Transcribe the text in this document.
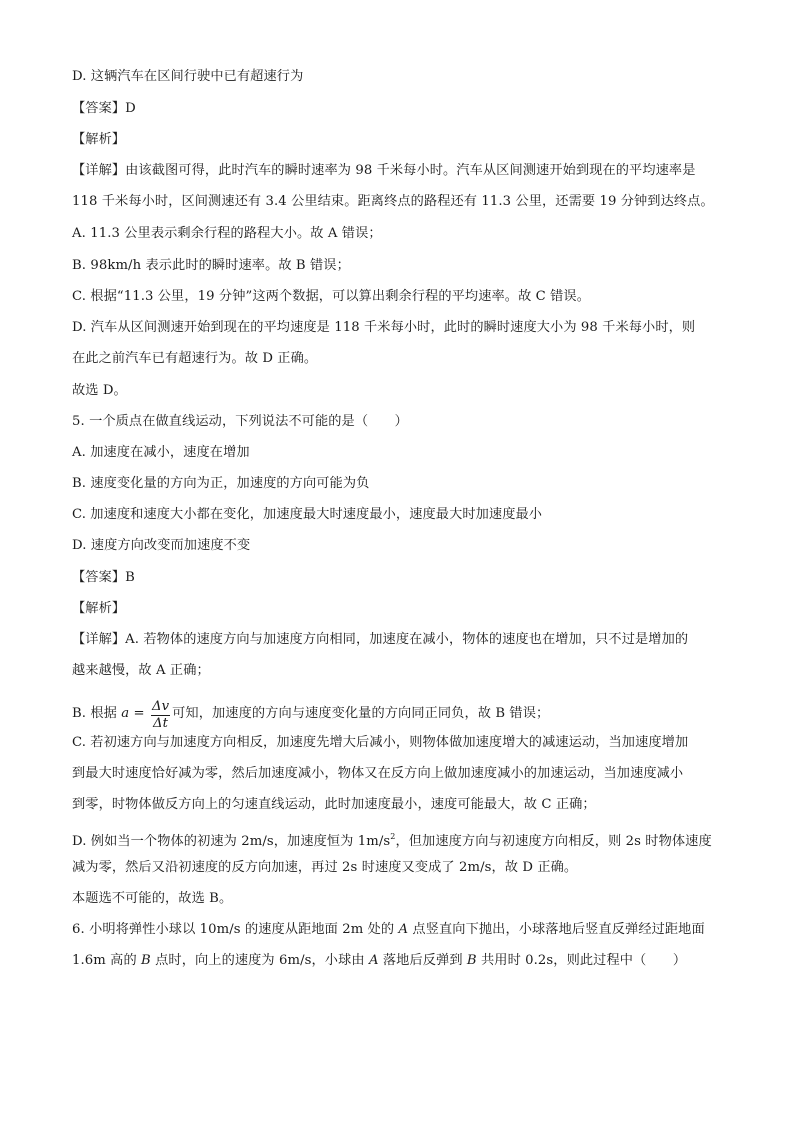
D. 这辆汽车在区间行驶中已有超速行为
【答案】D
【解析】
【详解】由该截图可得，此时汽车的瞬时速率为 98 千米每小时。汽车从区间测速开始到现在的平均速率是
118 千米每小时，区间测速还有 3.4 公里结束。距离终点的路程还有 11.3 公里，还需要 19 分钟到达终点。
A. 11.3 公里表示剩余行程的路程大小。故 A 错误；
B. 98km/h 表示此时的瞬时速率。故 B 错误；
C. 根据“11.3 公里，19 分钟”这两个数据，可以算出剩余行程的平均速率。故 C 错误。
D. 汽车从区间测速开始到现在的平均速度是 118 千米每小时，此时的瞬时速度大小为 98 千米每小时，则
在此之前汽车已有超速行为。故 D 正确。
故选 D。
5. 一个质点在做直线运动，下列说法不可能的是（　　）
A. 加速度在减小，速度在增加
B. 速度变化量的方向为正，加速度的方向可能为负
C. 加速度和速度大小都在变化，加速度最大时速度最小，速度最大时加速度最小
D. 速度方向改变而加速度不变
【答案】B
【解析】
【详解】A. 若物体的速度方向与加速度方向相同，加速度在减小，物体的速度也在增加，只不过是增加的
越来越慢，故 A 正确；
B. 根据 $a = \frac{\Delta v}{\Delta t}$ 可知，加速度的方向与速度变化量的方向同正同负，故 B 错误；
C. 若初速方向与加速度方向相反，加速度先增大后减小，则物体做加速度增大的减速运动，当加速度增加
到最大时速度恰好减为零，然后加速度减小，物体又在反方向上做加速度减小的加速运动，当加速度减小
到零，时物体做反方向上的匀速直线运动，此时加速度最小，速度可能最大，故 C 正确；
D. 例如当一个物体的初速为 2m/s，加速度恒为 $1m/s^2$，但加速度方向与初速度方向相反，则 2s 时物体速度
减为零，然后又沿初速度的反方向加速，再过 2s 时速度又变成了 2m/s，故 D 正确。
本题选不可能的，故选 B。
6. 小明将弹性小球以 10m/s 的速度从距地面 2m 处的 A 点竖直向下抛出，小球落地后竖直反弹经过距地面
1.6m 高的 B 点时，向上的速度为 6m/s，小球由 A 落地后反弹到 B 共用时 0.2s，则此过程中（　　）
